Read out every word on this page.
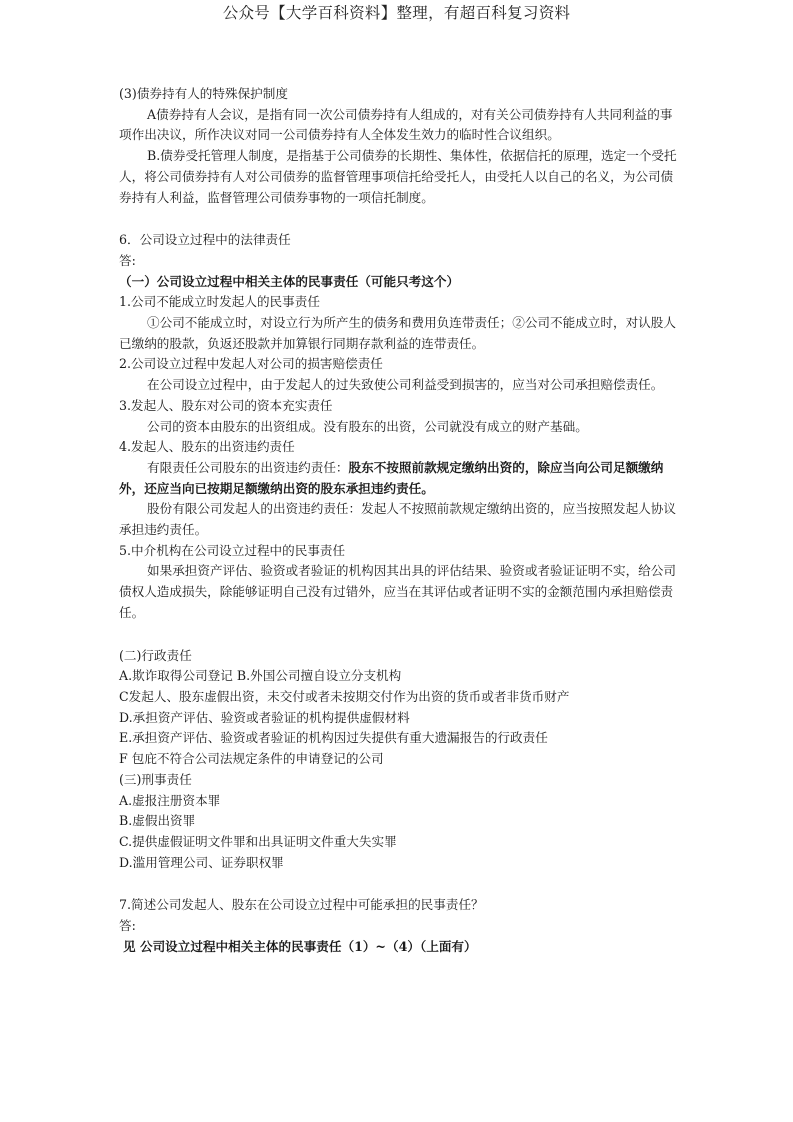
公众号【大学百科资料】整理，有超百科复习资料

(3)债券持有人的特殊保护制度

A债券持有人会议，是指有同一次公司债券持有人组成的，对有关公司债券持有人共同利益的事项作出决议，所作决议对同一公司债券持有人全体发生效力的临时性合议组织。

B.债券受托管理人制度，是指基于公司债券的长期性、集体性，依据信托的原理，选定一个受托人，将公司债券持有人对公司债券的监督管理事项信托给受托人，由受托人以自己的名义，为公司债券持有人利益，监督管理公司债券事物的一项信托制度。

6．公司设立过程中的法律责任

答:

（一）公司设立过程中相关主体的民事责任（可能只考这个）

1.公司不能成立时发起人的民事责任

①公司不能成立时，对设立行为所产生的债务和费用负连带责任；②公司不能成立时，对认股人已缴纳的股款，负返还股款并加算银行同期存款利益的连带责任。

2.公司设立过程中发起人对公司的损害赔偿责任

在公司设立过程中，由于发起人的过失致使公司利益受到损害的，应当对公司承担赔偿责任。

3.发起人、股东对公司的资本充实责任

公司的资本由股东的出资组成。没有股东的出资，公司就没有成立的财产基础。

4.发起人、股东的出资违约责任

有限责任公司股东的出资违约责任：股东不按照前款规定缴纳出资的，除应当向公司足额缴纳外，还应当向已按期足额缴纳出资的股东承担违约责任。

股份有限公司发起人的出资违约责任：发起人不按照前款规定缴纳出资的，应当按照发起人协议承担违约责任。

5.中介机构在公司设立过程中的民事责任

如果承担资产评估、验资或者验证的机构因其出具的评估结果、验资或者验证证明不实，给公司债权人造成损失，除能够证明自己没有过错外，应当在其评估或者证明不实的金额范围内承担赔偿责任。

(二)行政责任

A.欺诈取得公司登记 B.外国公司擅自设立分支机构

C发起人、股东虚假出资，未交付或者未按期交付作为出资的货币或者非货币财产

D.承担资产评估、验资或者验证的机构提供虚假材料

E.承担资产评估、验资或者验证的机构因过失提供有重大遗漏报告的行政责任

F 包庇不符合公司法规定条件的申请登记的公司

(三)刑事责任

A.虚报注册资本罪

B.虚假出资罪

C.提供虚假证明文件罪和出具证明文件重大失实罪

D.滥用管理公司、证券职权罪

7.简述公司发起人、股东在公司设立过程中可能承担的民事责任？

答:

见 公司设立过程中相关主体的民事责任（1）~（4）（上面有）
